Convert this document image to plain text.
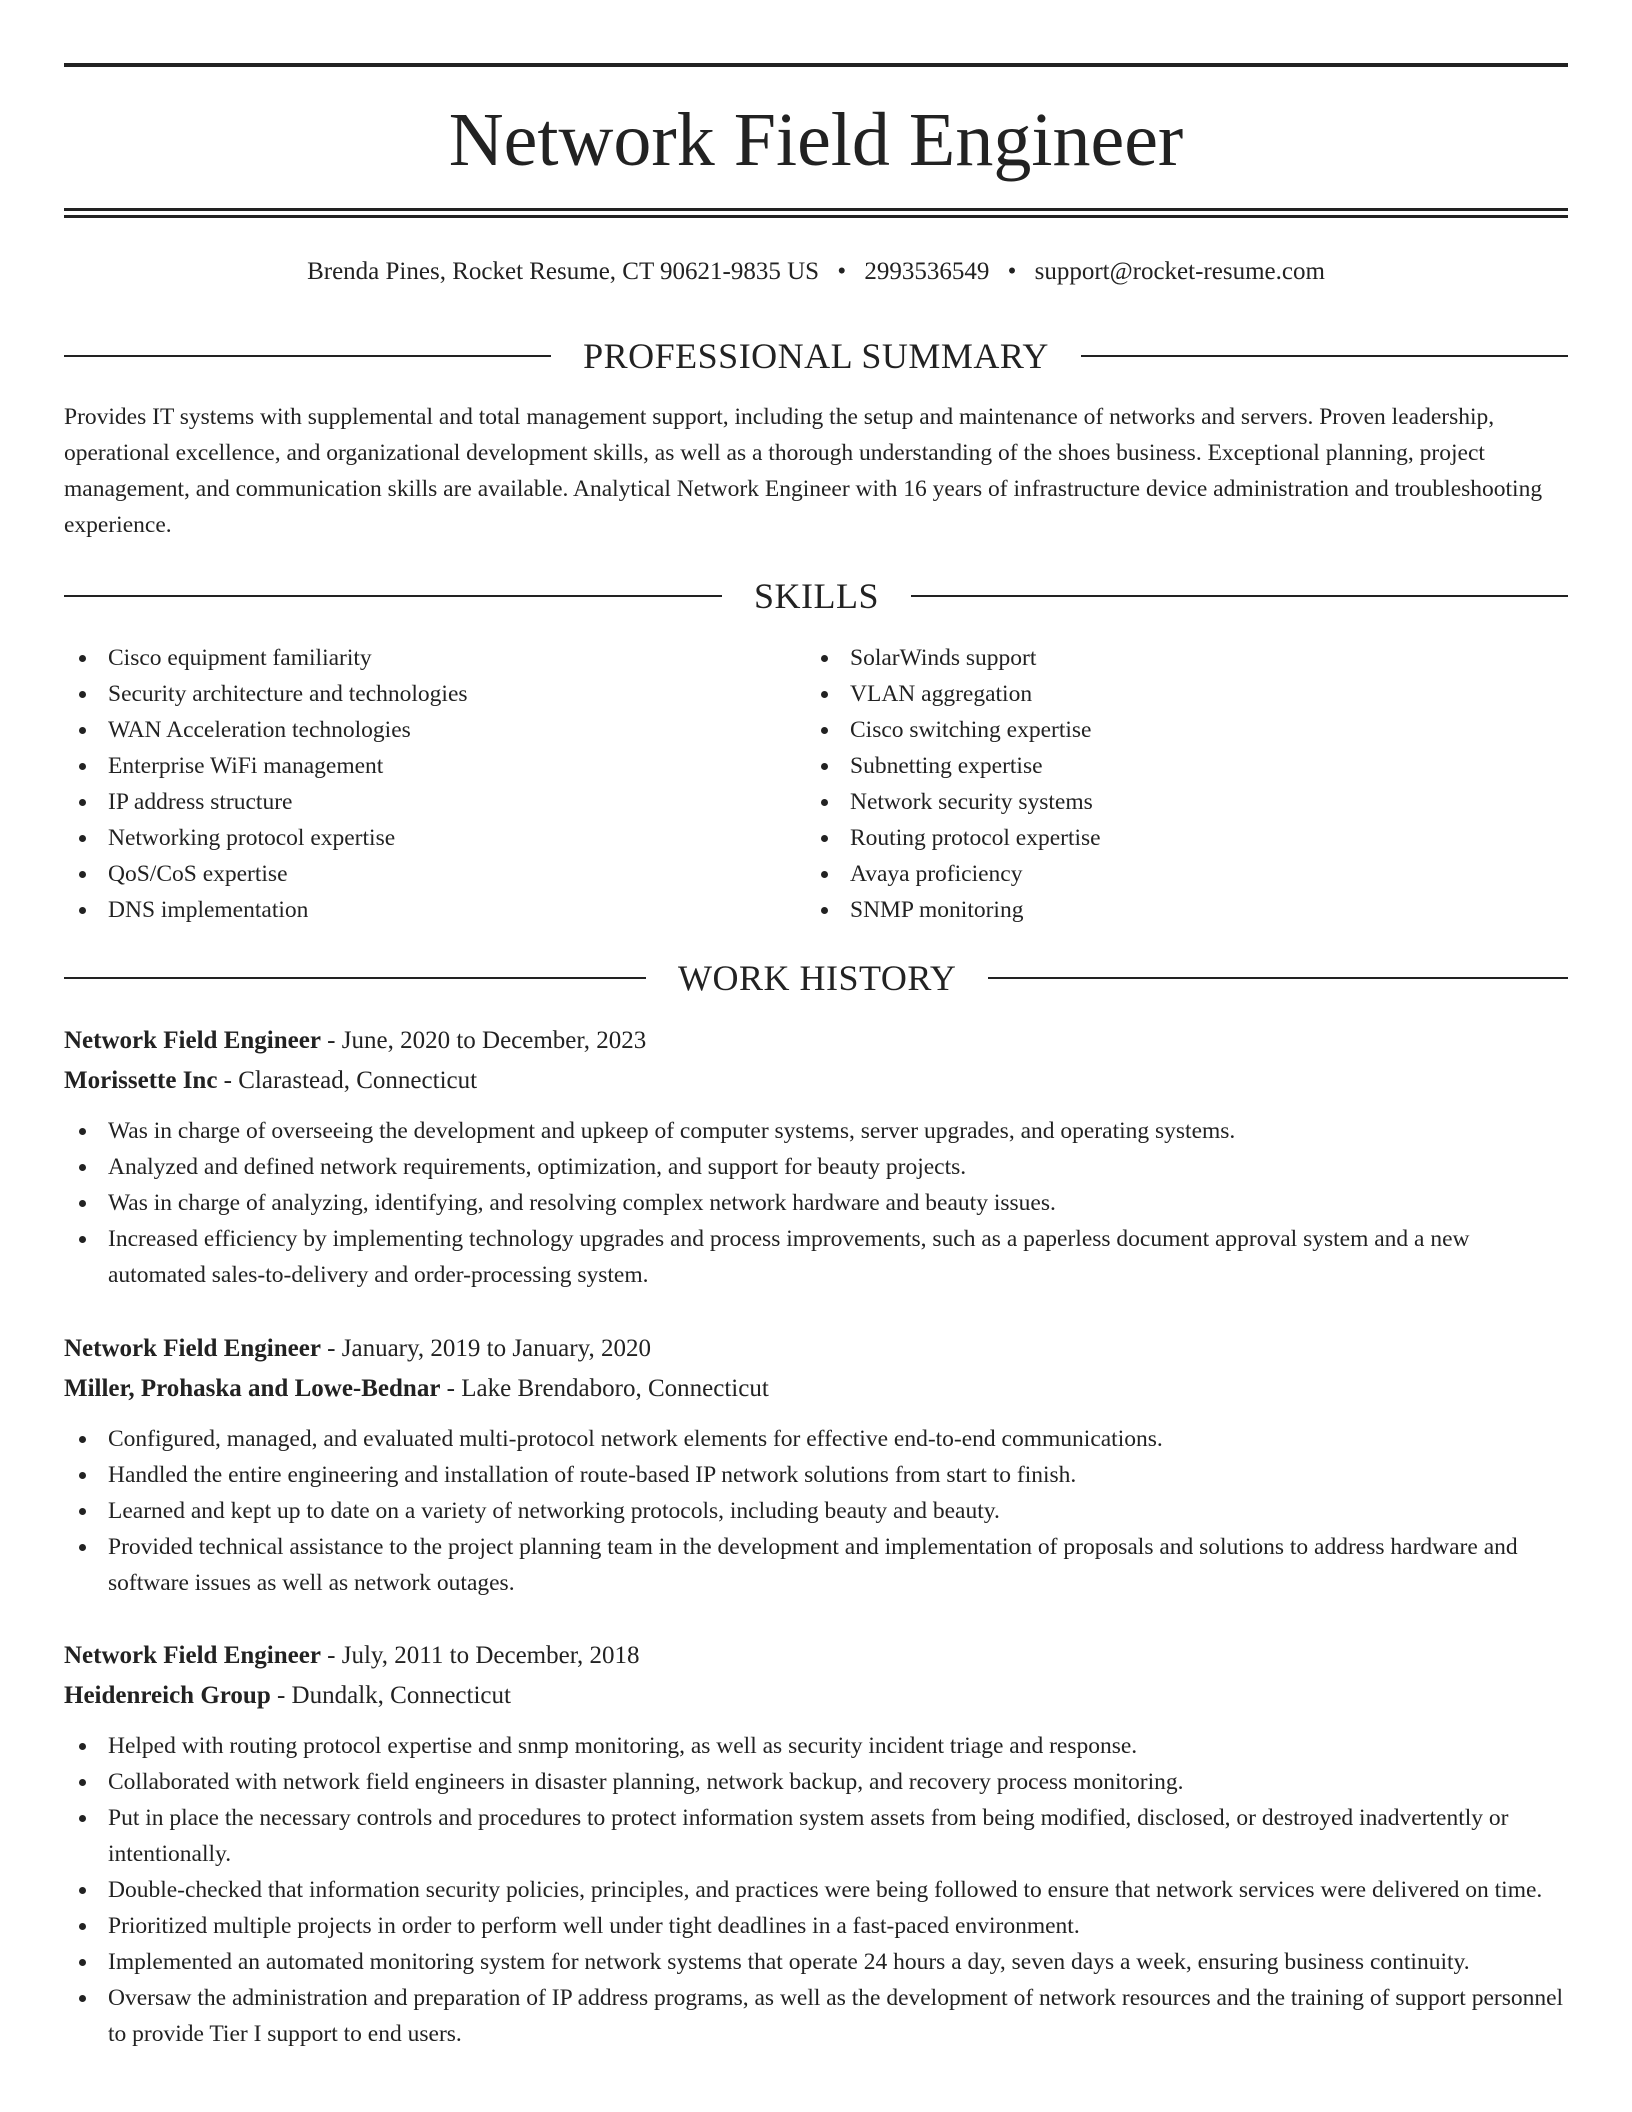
Network Field Engineer
Brenda Pines, Rocket Resume, CT 90621-9835 US • 2993536549 • support@rocket-resume.com
PROFESSIONAL SUMMARY

Provides IT systems with supplemental and total management support, including the setup and maintenance of networks and servers. Proven leadership, operational excellence, and organizational development skills, as well as a thorough understanding of the shoes business. Exceptional planning, project management, and communication skills are available. Analytical Network Engineer with 16 years of infrastructure device administration and troubleshooting experience.

SKILLS
Cisco equipment familiarity
Security architecture and technologies
WAN Acceleration technologies
Enterprise WiFi management
IP address structure
Networking protocol expertise
QoS/CoS expertise
DNS implementation
SolarWinds support
VLAN aggregation
Cisco switching expertise
Subnetting expertise
Network security systems
Routing protocol expertise
Avaya proficiency
SNMP monitoring
WORK HISTORY
Network Field Engineer - June, 2020 to December, 2023
Morissette Inc - Clarastead, Connecticut
Was in charge of overseeing the development and upkeep of computer systems, server upgrades, and operating systems.
Analyzed and defined network requirements, optimization, and support for beauty projects.
Was in charge of analyzing, identifying, and resolving complex network hardware and beauty issues.
Increased efficiency by implementing technology upgrades and process improvements, such as a paperless document approval system and a new automated sales-to-delivery and order-processing system.
Network Field Engineer - January, 2019 to January, 2020
Miller, Prohaska and Lowe-Bednar - Lake Brendaboro, Connecticut
Configured, managed, and evaluated multi-protocol network elements for effective end-to-end communications.
Handled the entire engineering and installation of route-based IP network solutions from start to finish.
Learned and kept up to date on a variety of networking protocols, including beauty and beauty.
Provided technical assistance to the project planning team in the development and implementation of proposals and solutions to address hardware and software issues as well as network outages.
Network Field Engineer - July, 2011 to December, 2018
Heidenreich Group - Dundalk, Connecticut
Helped with routing protocol expertise and snmp monitoring, as well as security incident triage and response.
Collaborated with network field engineers in disaster planning, network backup, and recovery process monitoring.
Put in place the necessary controls and procedures to protect information system assets from being modified, disclosed, or destroyed inadvertently or intentionally.
Double-checked that information security policies, principles, and practices were being followed to ensure that network services were delivered on time.
Prioritized multiple projects in order to perform well under tight deadlines in a fast-paced environment.
Implemented an automated monitoring system for network systems that operate 24 hours a day, seven days a week, ensuring business continuity.
Oversaw the administration and preparation of IP address programs, as well as the development of network resources and the training of support personnel to provide Tier I support to end users.
